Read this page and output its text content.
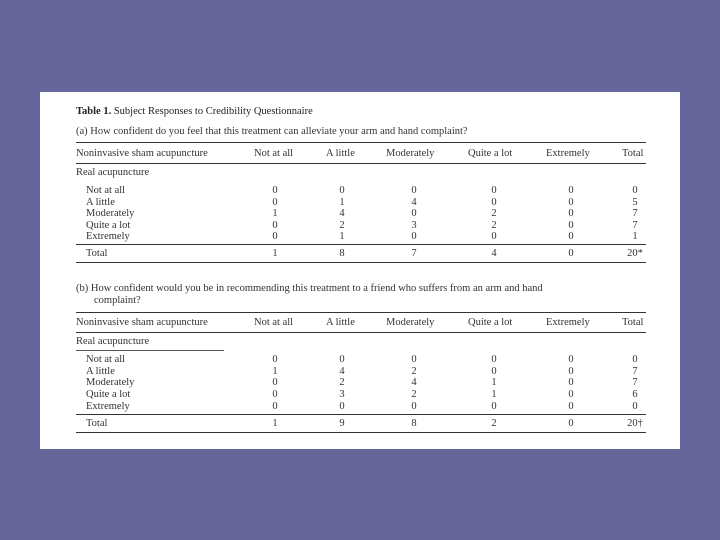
Table 1. Subject Responses to Credibility Questionnaire
(a) How confident do you feel that this treatment can alleviate your arm and hand complaint?
Noninvasive sham acupuncture	Not at all	A little	Moderately	Quite a lot	Extremely	Total
Real acupuncture
Not at all	0	0	0	0	0	0
A little	0	1	4	0	0	5
Moderately	1	4	0	2	0	7
Quite a lot	0	2	3	2	0	7
Extremely	0	1	0	0	0	1
Total	1	8	7	4	0	20*
(b) How confident would you be in recommending this treatment to a friend who suffers from an arm and hand
complaint?
Noninvasive sham acupuncture	Not at all	A little	Moderately	Quite a lot	Extremely	Total
Real acupuncture
Not at all	0	0	0	0	0	0
A little	1	4	2	0	0	7
Moderately	0	2	4	1	0	7
Quite a lot	0	3	2	1	0	6
Extremely	0	0	0	0	0	0
Total	1	9	8	2	0	20†
